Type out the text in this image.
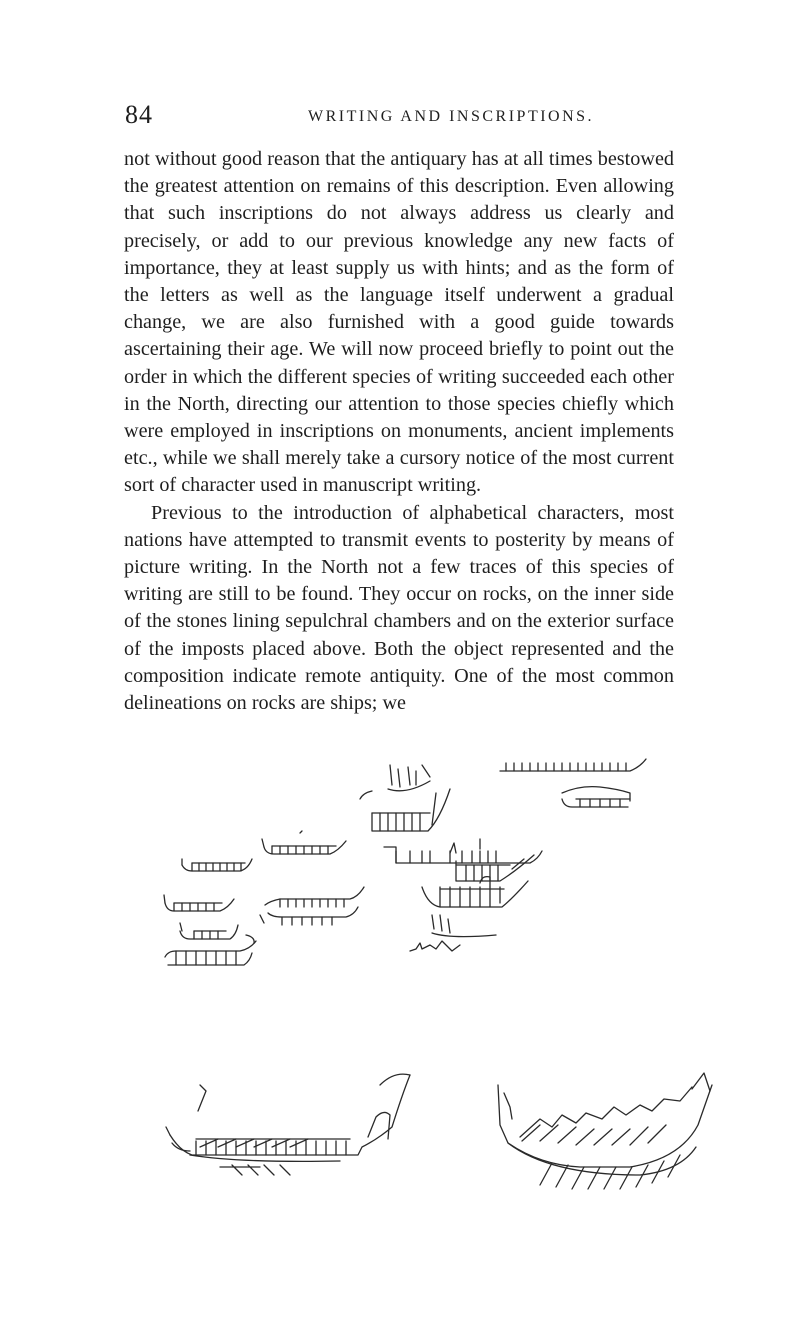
84	WRITING AND INSCRIPTIONS.

not without good reason that the antiquary has at all times bestowed the greatest attention on remains of this description. Even allowing that such inscriptions do not always address us clearly and precisely, or add to our previous knowledge any new facts of importance, they at least supply us with hints; and as the form of the letters as well as the language itself underwent a gradual change, we are also furnished with a good guide towards ascertaining their age. We will now proceed briefly to point out the order in which the different species of writing succeeded each other in the North, directing our attention to those species chiefly which were employed in inscriptions on monuments, ancient implements etc., while we shall merely take a cursory notice of the most current sort of character used in manuscript writing.

Previous to the introduction of alphabetical characters, most nations have attempted to transmit events to posterity by means of picture writing. In the North not a few traces of this species of writing are still to be found. They occur on rocks, on the inner side of the stones lining sepulchral chambers and on the exterior surface of the imposts placed above. Both the object represented and the composition indicate remote antiquity. One of the most common delineations on rocks are ships; we
